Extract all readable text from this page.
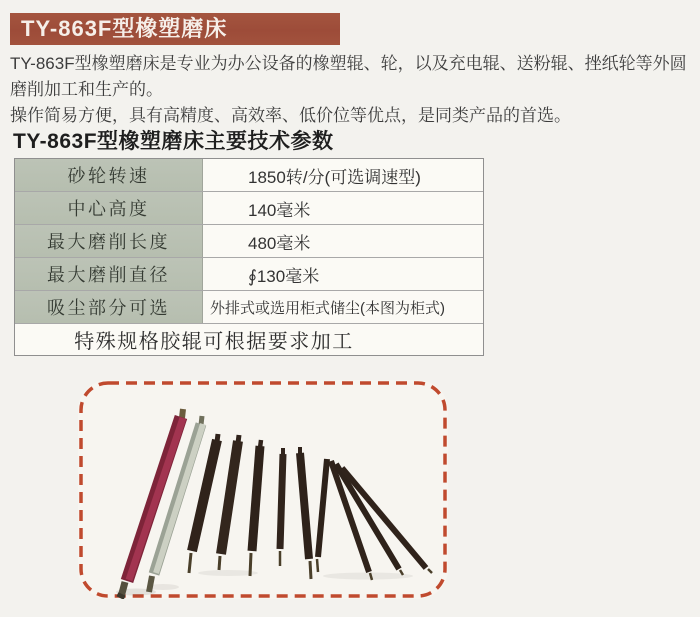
TY-863F型橡塑磨床

TY-863F型橡塑磨床是专业为办公设备的橡塑辊、轮，以及充电辊、送粉辊、挫纸轮等外圆磨削加工和生产的。

操作简易方便，具有高精度、高效率、低价位等优点，是同类产品的首选。

TY-863F型橡塑磨床主要技术参数
砂轮转速	1850转/分(可选调速型)
中心高度	140毫米
最大磨削长度	480毫米
最大磨削直径	∮130毫米
吸尘部分可选	外排式或选用柜式储尘(本图为柜式)
特殊规格胶辊可根据要求加工
